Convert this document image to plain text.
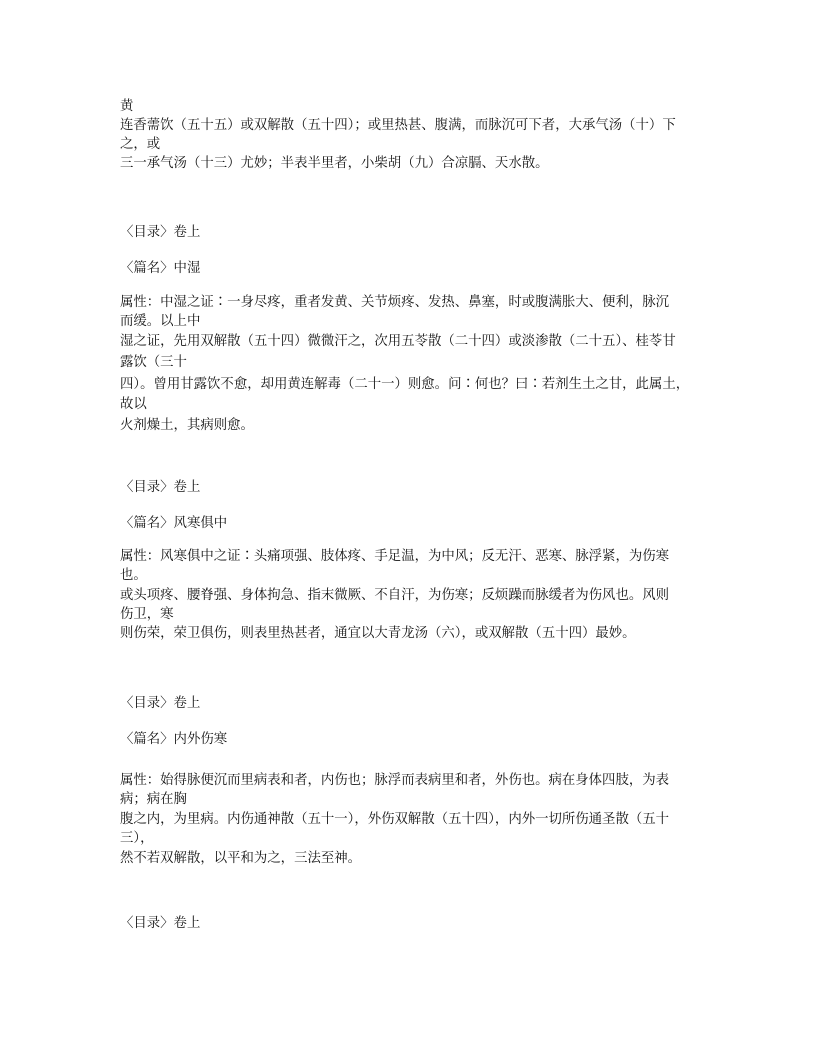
黄
连香薷饮（五十五）或双解散（五十四）；或里热甚、腹满，而脉沉可下者，大承气汤（十）下
之，或
三一承气汤（十三）尤妙；半表半里者，小柴胡（九）合凉膈、天水散。
〈目录〉卷上
〈篇名〉中湿
属性：中湿之证∶一身尽疼，重者发黄、关节烦疼、发热、鼻塞，时或腹满胀大、便利，脉沉
而缓。以上中
湿之证，先用双解散（五十四）微微汗之，次用五苓散（二十四）或淡渗散（二十五）、桂苓甘
露饮（三十
四）。曾用甘露饮不愈，却用黄连解毒（二十一）则愈。问∶何也？曰∶若剂生土之甘，此属土，
故以
火剂燥土，其病则愈。
〈目录〉卷上
〈篇名〉风寒俱中
属性：风寒俱中之证∶头痛项强、肢体疼、手足温，为中风；反无汗、恶寒、脉浮紧，为伤寒
也。
或头项疼、腰脊强、身体拘急、指末微厥、不自汗，为伤寒；反烦躁而脉缓者为伤风也。风则
伤卫，寒
则伤荣，荣卫俱伤，则表里热甚者，通宜以大青龙汤（六），或双解散（五十四）最妙。
〈目录〉卷上
〈篇名〉内外伤寒
属性：始得脉便沉而里病表和者，内伤也；脉浮而表病里和者，外伤也。病在身体四肢，为表
病；病在胸
腹之内，为里病。内伤通神散（五十一），外伤双解散（五十四），内外一切所伤通圣散（五十
三），
然不若双解散，以平和为之，三法至神。
〈目录〉卷上
